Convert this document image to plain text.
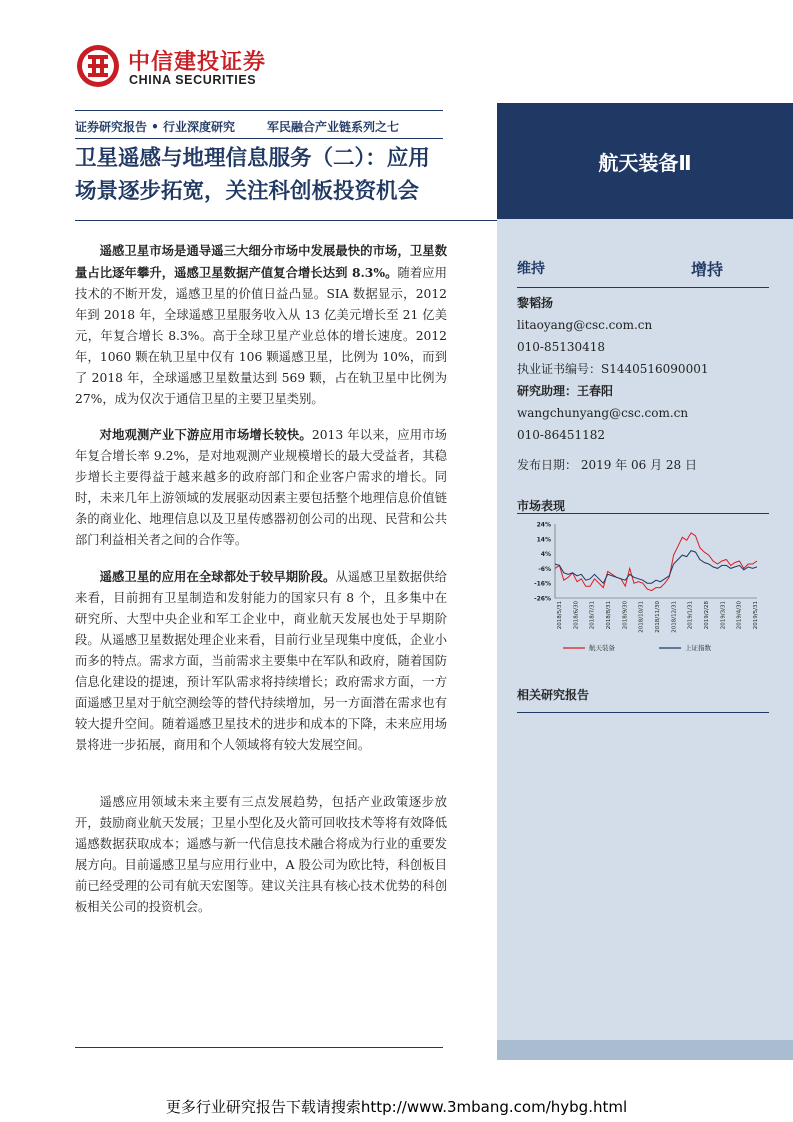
中信建投证券
CHINA SECURITIES
证券研究报告 • 行业深度研究	军民融合产业链系列之七
卫星遥感与地理信息服务（二）：应用
场景逐步拓宽，关注科创板投资机会
航天装备Ⅱ
维持	增持
黎韬扬
litaoyang@csc.com.cn
010-85130418
执业证书编号：S1440516090001
研究助理：王春阳
wangchunyang@csc.com.cn
010-86451182
发布日期： 2019 年 06 月 28 日
市场表现
24%
14%
4%
-6%
-16%
-26%
2018/5/31 2018/6/30 2018/7/31 2018/8/31 2018/9/30 2018/10/31 2018/11/30 2018/12/31 2019/1/31 2019/2/28 2019/3/31 2019/4/30 2019/5/31
航天装备	上证指数
相关研究报告
遥感卫星市场是通导遥三大细分市场中发展最快的市场，卫星数量占比逐年攀升，遥感卫星数据产值复合增长达到 8.3%。随着应用技术的不断开发，遥感卫星的价值日益凸显。SIA 数据显示，2012 年到 2018 年，全球遥感卫星服务收入从 13 亿美元增长至 21 亿美元，年复合增长 8.3%。高于全球卫星产业总体的增长速度。2012 年，1060 颗在轨卫星中仅有 106 颗遥感卫星，比例为 10%，而到了 2018 年，全球遥感卫星数量达到 569 颗，占在轨卫星中比例为 27%，成为仅次于通信卫星的主要卫星类别。
对地观测产业下游应用市场增长较快。2013 年以来，应用市场年复合增长率 9.2%，是对地观测产业规模增长的最大受益者，其稳步增长主要得益于越来越多的政府部门和企业客户需求的增长。同时，未来几年上游领域的发展驱动因素主要包括整个地理信息价值链条的商业化、地理信息以及卫星传感器初创公司的出现、民营和公共部门利益相关者之间的合作等。
遥感卫星的应用在全球都处于较早期阶段。从遥感卫星数据供给来看，目前拥有卫星制造和发射能力的国家只有 8 个，且多集中在研究所、大型中央企业和军工企业中，商业航天发展也处于早期阶段。从遥感卫星数据处理企业来看，目前行业呈现集中度低，企业小而多的特点。需求方面，当前需求主要集中在军队和政府，随着国防信息化建设的提速，预计军队需求将持续增长；政府需求方面，一方面遥感卫星对于航空测绘等的替代持续增加，另一方面潜在需求也有较大提升空间。随着遥感卫星技术的进步和成本的下降，未来应用场景将进一步拓展，商用和个人领域将有较大发展空间。
遥感应用领域未来主要有三点发展趋势，包括产业政策逐步放开，鼓励商业航天发展；卫星小型化及火箭可回收技术等将有效降低遥感数据获取成本；遥感与新一代信息技术融合将成为行业的重要发展方向。目前遥感卫星与应用行业中，A 股公司为欧比特，科创板目前已经受理的公司有航天宏图等。建议关注具有核心技术优势的科创板相关公司的投资机会。
更多行业研究报告下载请搜索http://www.3mbang.com/hybg.html
